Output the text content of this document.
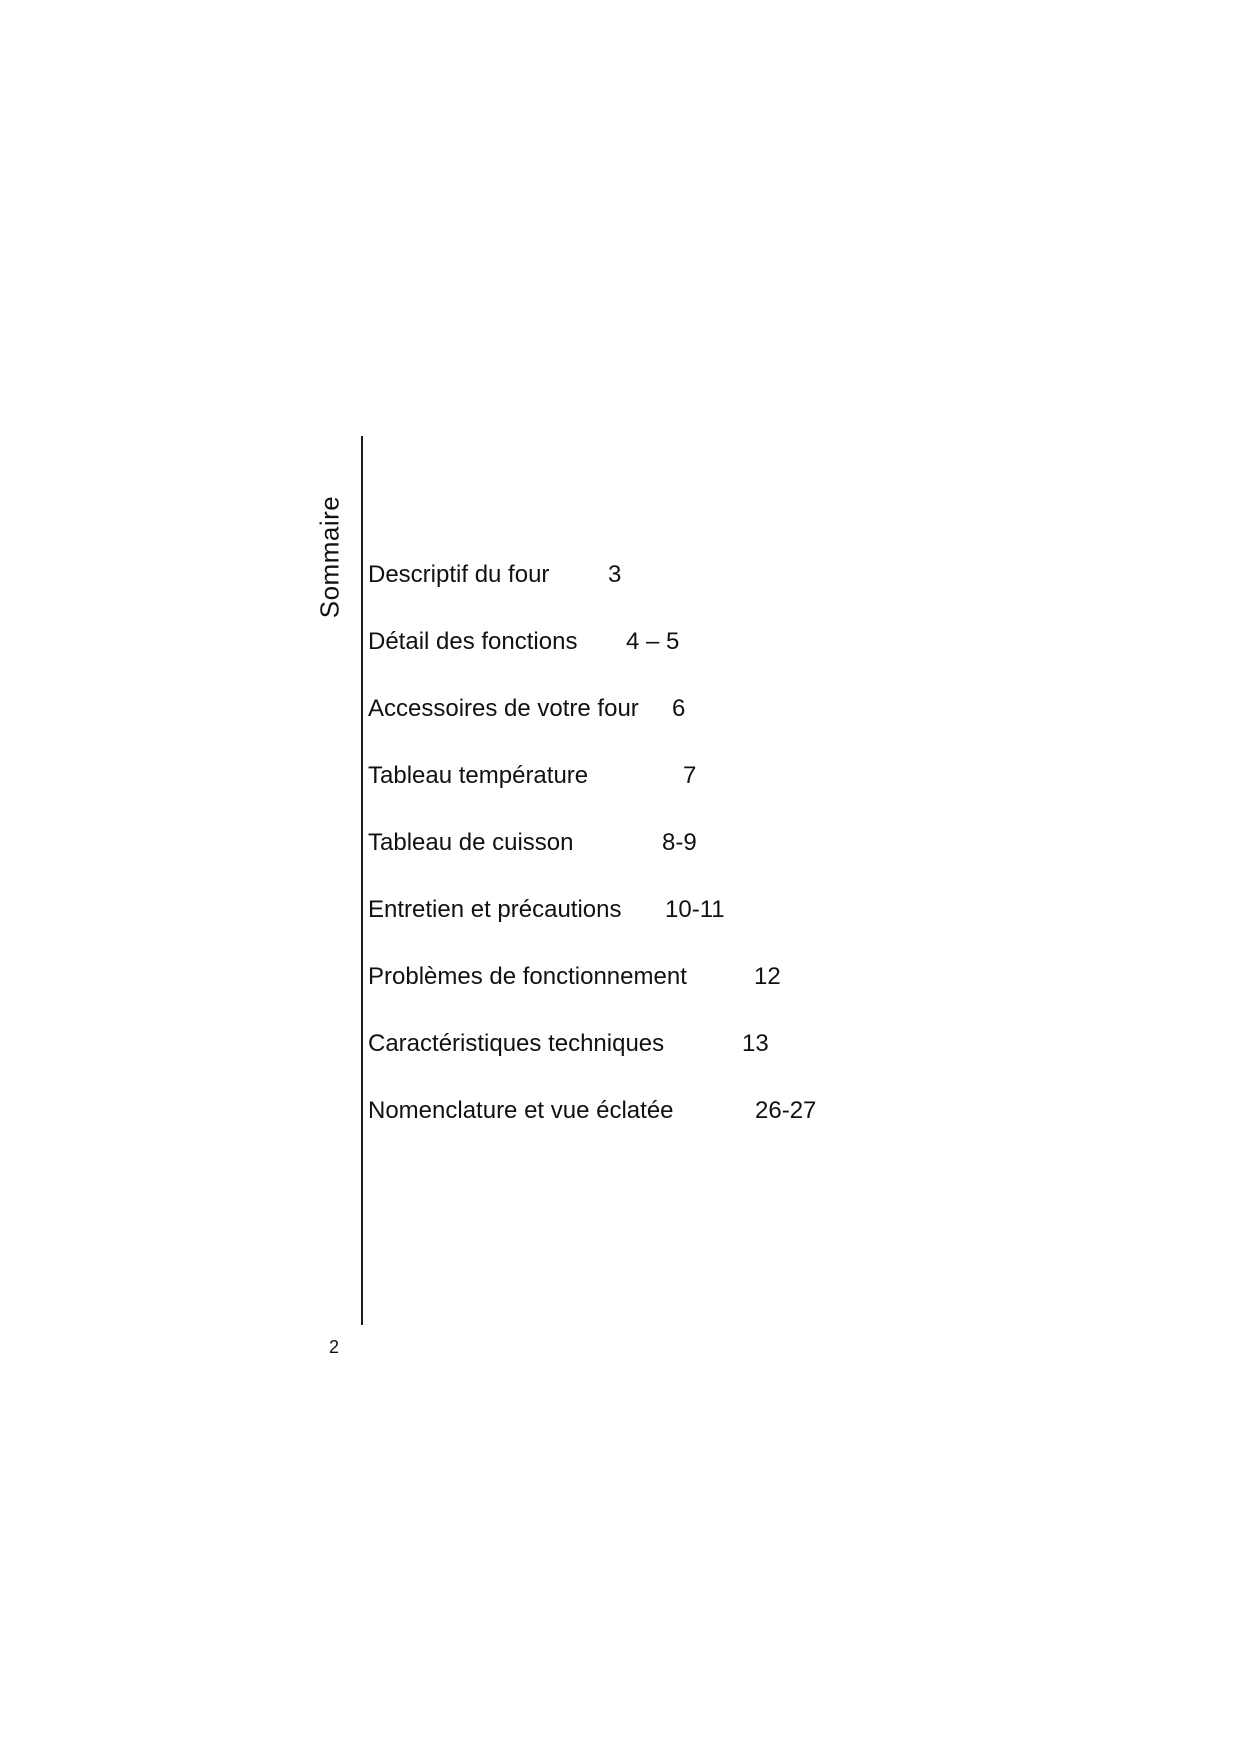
Sommaire Descriptif du four 3
Détail des fonctions 4 – 5
Accessoires de votre four 6
Tableau température	7
Tableau de cuisson	8-9
Entretien et précautions 10-11
Problèmes de fonctionnement	12
Caractéristiques techniques	13
Nomenclature et vue éclatée	26-27
2
